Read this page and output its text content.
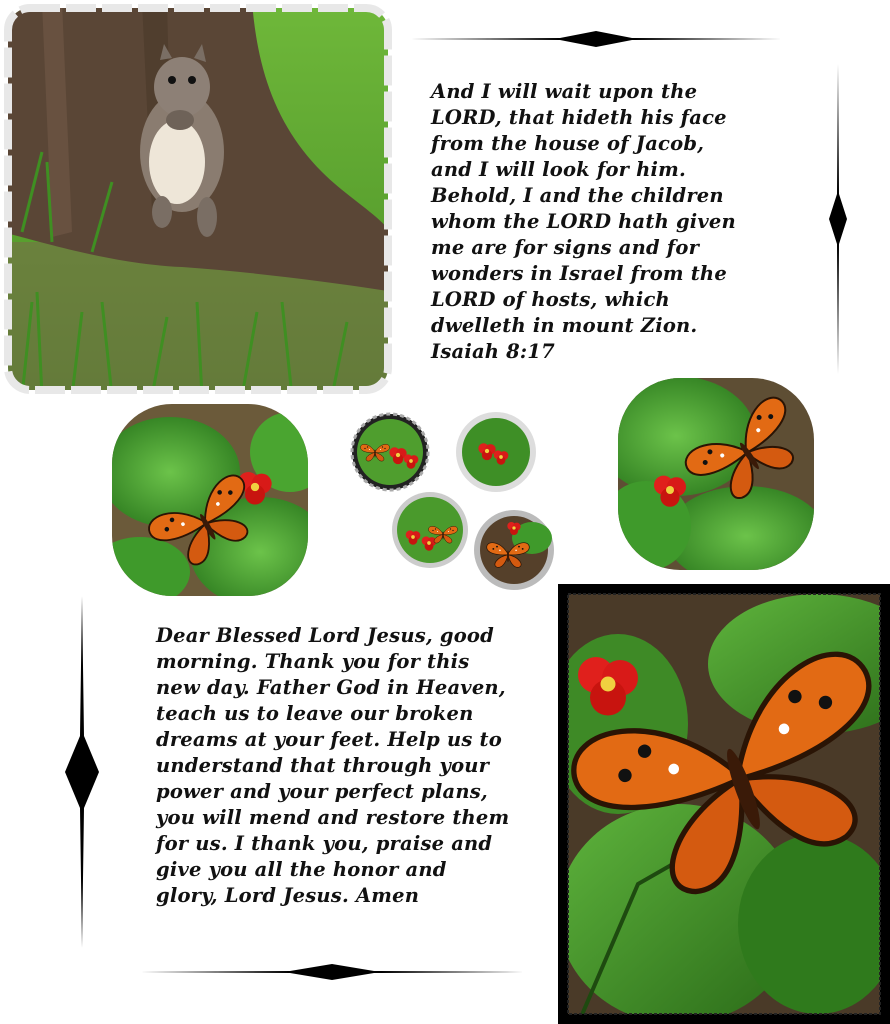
And I will wait upon the
LORD, that hideth his face
from the house of Jacob,
and I will look for him.
Behold, I and the children
whom the LORD hath given
me are for signs and for
wonders in Israel from the
LORD of hosts, which
dwelleth in mount Zion.
Isaiah 8:17
Dear Blessed Lord Jesus, good
morning. Thank you for this
new day. Father God in Heaven,
teach us to leave our broken
dreams at your feet. Help us to
understand that through your
power and your perfect plans,
you will mend and restore them
for us. I thank you, praise and
give you all the honor and
glory, Lord Jesus. Amen
